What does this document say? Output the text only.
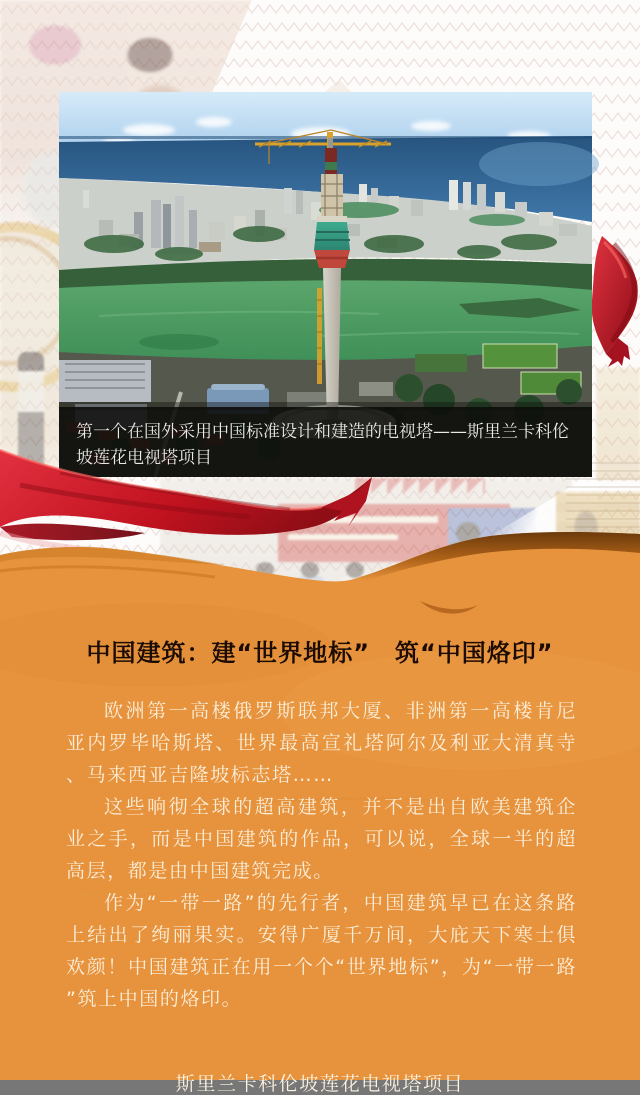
第一个在国外采用中国标准设计和建造的电视塔——斯里兰卡科伦坡莲花电视塔项目
中国建筑：建“世界地标”　筑“中国烙印”

欧洲第一高楼俄罗斯联邦大厦、非洲第一高楼肯尼亚内罗毕哈斯塔、世界最高宣礼塔阿尔及利亚大清真寺、马来西亚吉隆坡标志塔……

这些响彻全球的超高建筑，并不是出自欧美建筑企业之手，而是中国建筑的作品，可以说，全球一半的超高层，都是由中国建筑完成。

作为“一带一路”的先行者，中国建筑早已在这条路上结出了绚丽果实。安得广厦千万间，大庇天下寒士俱欢颜！中国建筑正在用一个个“世界地标”，为“一带一路”筑上中国的烙印。

斯里兰卡科伦坡莲花电视塔项目
